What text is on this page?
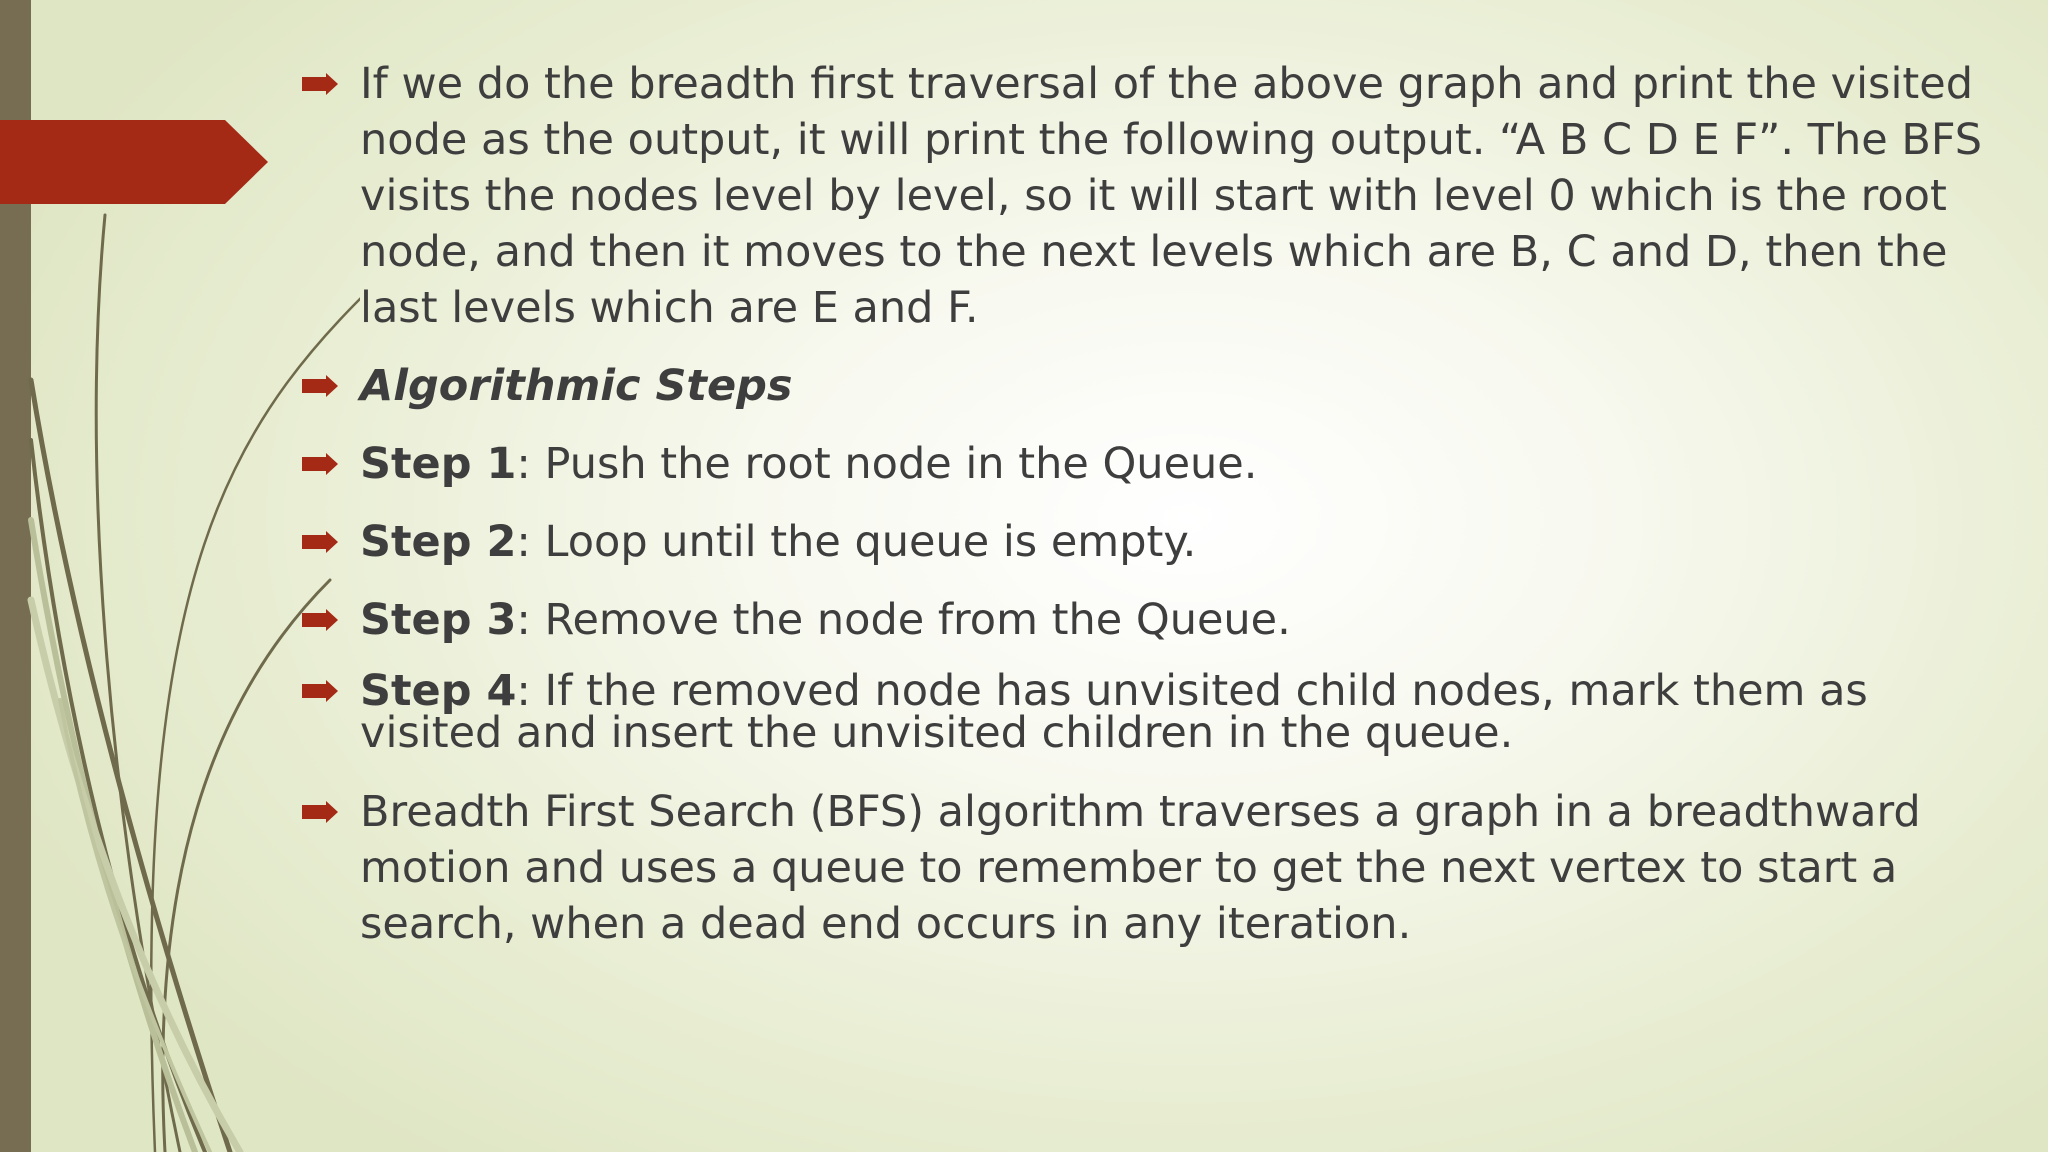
If we do the breadth first traversal of the above graph and print the visited node as the output, it will print the following output. “A B C D E F”. The BFS visits the nodes level by level, so it will start with level 0 which is the root node, and then it moves to the next levels which are B, C and D, then the last levels which are E and F.
Algorithmic Steps
Step 1: Push the root node in the Queue.
Step 2: Loop until the queue is empty.
Step 3: Remove the node from the Queue.
Step 4: If the removed node has unvisited child nodes, mark them as visited and insert the unvisited children in the queue.
Breadth First Search (BFS) algorithm traverses a graph in a breadthward motion and uses a queue to remember to get the next vertex to start a search, when a dead end occurs in any iteration.
